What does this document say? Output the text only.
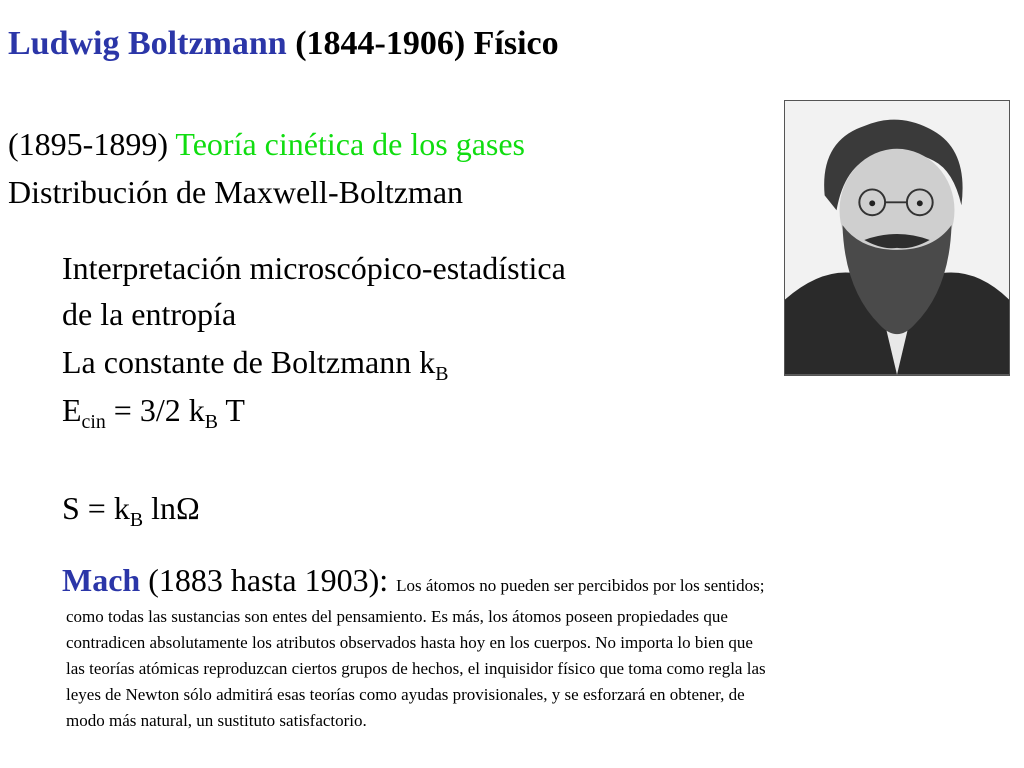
Ludwig Boltzmann (1844-1906) Físico

(1895-1899) Teoría cinética de los gases

Distribución de Maxwell-Boltzman

Interpretación microscópico-estadística

de la entropía

La constante de Boltzmann $k_B$

$E_{cin} = 3/2$ $k_B$ T

$S = k_B$ lnΩ

Mach (1883 hasta 1903): Los átomos no pueden ser percibidos por los sentidos;

como todas las sustancias son entes del pensamiento. Es más, los átomos poseen propiedades que
contradicen absolutamente los atributos observados hasta hoy en los cuerpos. No importa lo bien que
las teorías atómicas reproduzcan ciertos grupos de hechos, el inquisidor físico que toma como regla las
leyes de Newton sólo admitirá esas teorías como ayudas provisionales, y se esforzará en obtener, de
modo más natural, un sustituto satisfactorio.
